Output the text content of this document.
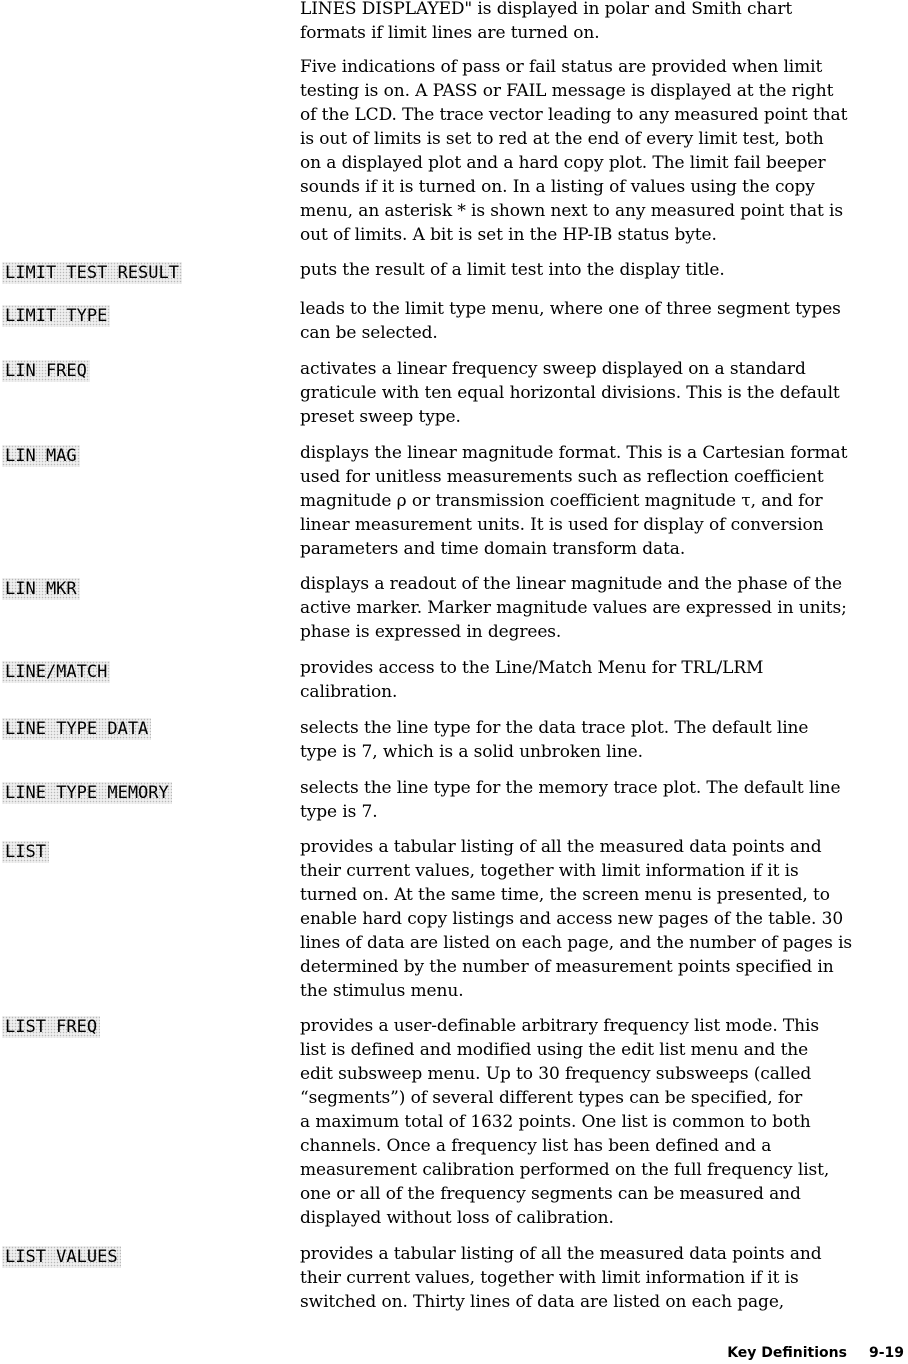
LINES DISPLAYED" is displayed in polar and Smith chart
formats if limit lines are turned on.

Five indications of pass or fail status are provided when limit
testing is on. A PASS or FAIL message is displayed at the right
of the LCD. The trace vector leading to any measured point that
is out of limits is set to red at the end of every limit test, both
on a displayed plot and a hard copy plot. The limit fail beeper
sounds if it is turned on. In a listing of values using the copy
menu, an asterisk * is shown next to any measured point that is
out of limits. A bit is set in the HP-IB status byte.

LIMIT TEST RESULT	puts the result of a limit test into the display title.

LIMIT TYPE	leads to the limit type menu, where one of three segment types
can be selected.

LIN FREQ	activates a linear frequency sweep displayed on a standard
graticule with ten equal horizontal divisions. This is the default
preset sweep type.

LIN MAG	displays the linear magnitude format. This is a Cartesian format
used for unitless measurements such as reflection coefficient
magnitude ρ or transmission coefficient magnitude τ, and for
linear measurement units. It is used for display of conversion
parameters and time domain transform data.

LIN MKR	displays a readout of the linear magnitude and the phase of the
active marker. Marker magnitude values are expressed in units;
phase is expressed in degrees.

LINE/MATCH	provides access to the Line/Match Menu for TRL/LRM
calibration.

LINE TYPE DATA	selects the line type for the data trace plot. The default line
type is 7, which is a solid unbroken line.

LINE TYPE MEMORY	selects the line type for the memory trace plot. The default line
type is 7.

LIST	provides a tabular listing of all the measured data points and
their current values, together with limit information if it is
turned on. At the same time, the screen menu is presented, to
enable hard copy listings and access new pages of the table. 30
lines of data are listed on each page, and the number of pages is
determined by the number of measurement points specified in
the stimulus menu.

LIST FREQ	provides a user-definable arbitrary frequency list mode. This
list is defined and modified using the edit list menu and the
edit subsweep menu. Up to 30 frequency subsweeps (called
“segments”) of several different types can be specified, for
a maximum total of 1632 points. One list is common to both
channels. Once a frequency list has been defined and a
measurement calibration performed on the full frequency list,
one or all of the frequency segments can be measured and
displayed without loss of calibration.

LIST VALUES	provides a tabular listing of all the measured data points and
their current values, together with limit information if it is
switched on. Thirty lines of data are listed on each page,

Key Definitions 9-19
